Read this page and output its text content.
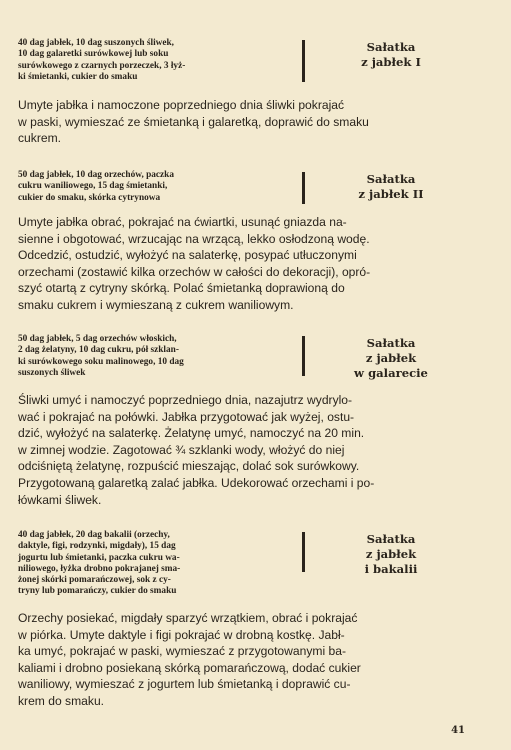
40 dag jabłek, 10 dag suszonych śliwek,
10 dag galaretki surówkowej lub soku
surówkowego z czarnych porzeczek, 3 łyż-
ki śmietanki, cukier do smaku

Sałatka
z jabłek I

Umyte jabłka i namoczone poprzedniego dnia śliwki pokrajać
w paski, wymieszać ze śmietanką i galaretką, doprawić do smaku
cukrem.

50 dag jabłek, 10 dag orzechów, paczka
cukru waniliowego, 15 dag śmietanki,
cukier do smaku, skórka cytrynowa

Sałatka
z jabłek II

Umyte jabłka obrać, pokrajać na ćwiartki, usunąć gniazda na-
sienne i obgotować, wrzucając na wrzącą, lekko osłodzoną wodę.
Odcedzić, ostudzić, wyłożyć na salaterkę, posypać utłuczonymi
orzechami (zostawić kilka orzechów w całości do dekoracji), opró-
szyć otartą z cytryny skórką. Polać śmietanką doprawioną do
smaku cukrem i wymieszaną z cukrem waniliowym.

50 dag jabłek, 5 dag orzechów włoskich,
2 dag żelatyny, 10 dag cukru, pół szklan-
ki surówkowego soku malinowego, 10 dag
suszonych śliwek

Sałatka
z jabłek
w galarecie

Śliwki umyć i namoczyć poprzedniego dnia, nazajutrz wydrylo-
wać i pokrajać na połówki. Jabłka przygotować jak wyżej, ostu-
dzić, wyłożyć na salaterkę. Żelatynę umyć, namoczyć na 20 min.
w zimnej wodzie. Zagotować ¾ szklanki wody, włożyć do niej
odciśniętą żelatynę, rozpuścić mieszając, dolać sok surówkowy.
Przygotowaną galaretką zalać jabłka. Udekorować orzechami i po-
łówkami śliwek.

40 dag jabłek, 20 dag bakalii (orzechy,
daktyle, figi, rodzynki, migdały), 15 dag
jogurtu lub śmietanki, paczka cukru wa-
niliowego, łyżka drobno pokrajanej sma-
żonej skórki pomarańczowej, sok z cy-
tryny lub pomarańczy, cukier do smaku

Sałatka
z jabłek
i bakalii

Orzechy posiekać, migdały sparzyć wrzątkiem, obrać i pokrajać
w piórka. Umyte daktyle i figi pokrajać w drobną kostkę. Jabł-
ka umyć, pokrajać w paski, wymieszać z przygotowanymi ba-
kaliami i drobno posiekaną skórką pomarańczową, dodać cukier
waniliowy, wymieszać z jogurtem lub śmietanką i doprawić cu-
krem do smaku.

41
